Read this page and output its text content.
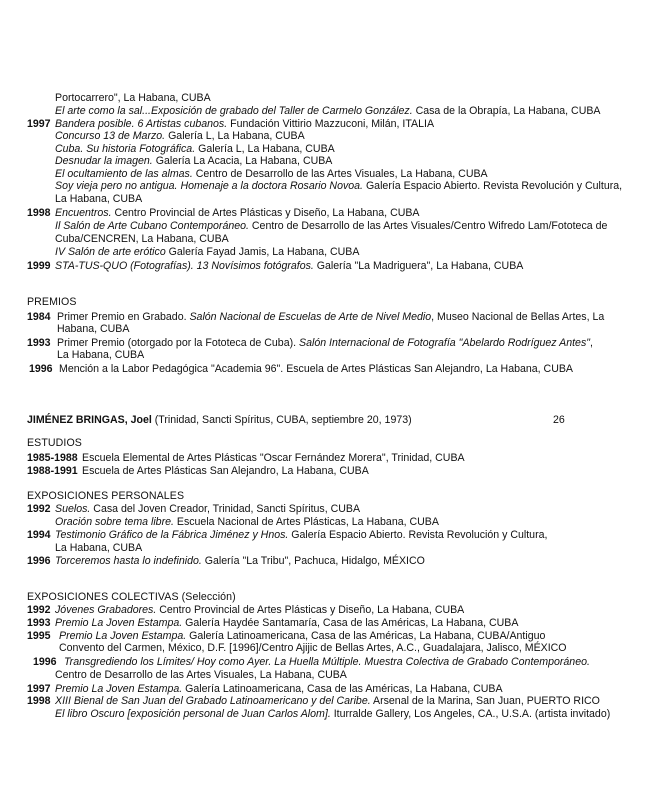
Portocarrero", La Habana, CUBA
El arte como la sal...Exposición de grabado del Taller de Carmelo González. Casa de la Obrapía, La Habana, CUBA
1997 Bandera posible. 6 Artistas cubanos. Fundación Vittirio Mazzuconi, Milán, ITALIA
Concurso 13 de Marzo. Galería L, La Habana, CUBA
Cuba. Su historia Fotográfica. Galería L, La Habana, CUBA
Desnudar la imagen. Galería La Acacia, La Habana, CUBA
El ocultamiento de las almas. Centro de Desarrollo de las Artes Visuales, La Habana, CUBA
Soy vieja pero no antigua. Homenaje a la doctora Rosario Novoa. Galería Espacio Abierto. Revista Revolución y Cultura,
La Habana, CUBA
1998 Encuentros. Centro Provincial de Artes Plásticas y Diseño, La Habana, CUBA
Il Salón de Arte Cubano Contemporáneo. Centro de Desarrollo de las Artes Visuales/Centro Wifredo Lam/Fototeca de
Cuba/CENCREN, La Habana, CUBA
IV Salón de arte erótico Galería Fayad Jamis, La Habana, CUBA
1999 STA-TUS-QUO (Fotografías). 13 Novísimos fotógrafos. Galería "La Madriguera", La Habana, CUBA
PREMIOS
1984 Primer Premio en Grabado. Salón Nacional de Escuelas de Arte de Nivel Medio, Museo Nacional de Bellas Artes, La
Habana, CUBA
1993 Primer Premio (otorgado por la Fototeca de Cuba). Salón Internacional de Fotografía "Abelardo Rodríguez Antes",
La Habana, CUBA
1996 Mención a la Labor Pedagógica "Academia 96". Escuela de Artes Plásticas San Alejandro, La Habana, CUBA
JIMÉNEZ BRINGAS, Joel (Trinidad, Sancti Spíritus, CUBA, septiembre 20, 1973)	26
ESTUDIOS
1985-1988 Escuela Elemental de Artes Plásticas "Oscar Fernández Morera", Trinidad, CUBA
1988-1991 Escuela de Artes Plásticas San Alejandro, La Habana, CUBA
EXPOSICIONES PERSONALES
1992 Suelos. Casa del Joven Creador, Trinidad, Sancti Spíritus, CUBA
Oración sobre tema libre. Escuela Nacional de Artes Plásticas, La Habana, CUBA
1994 Testimonio Gráfico de la Fábrica Jiménez y Hnos. Galería Espacio Abierto. Revista Revolución y Cultura,
La Habana, CUBA
1996 Torceremos hasta lo indefinido. Galería "La Tribu", Pachuca, Hidalgo, MÉXICO
EXPOSICIONES COLECTIVAS (Selección)
1992 Jóvenes Grabadores. Centro Provincial de Artes Plásticas y Diseño, La Habana, CUBA
1993 Premio La Joven Estampa. Galería Haydée Santamaría, Casa de las Américas, La Habana, CUBA
1995 Premio La Joven Estampa. Galería Latinoamericana, Casa de las Américas, La Habana, CUBA/Antiguo
Convento del Carmen, México, D.F. [1996]/Centro Ajijic de Bellas Artes, A.C., Guadalajara, Jalisco, MÉXICO
1996 Transgrediendo los Límites/ Hoy como Ayer. La Huella Múltiple. Muestra Colectiva de Grabado Contemporáneo.
Centro de Desarrollo de las Artes Visuales, La Habana, CUBA
1997 Premio La Joven Estampa. Galería Latinoamericana, Casa de las Américas, La Habana, CUBA
1998 XIII Bienal de San Juan del Grabado Latinoamericano y del Caribe. Arsenal de la Marina, San Juan, PUERTO RICO
El libro Oscuro [exposición personal de Juan Carlos Alom]. Iturralde Gallery, Los Angeles, CA., U.S.A. (artista invitado)
